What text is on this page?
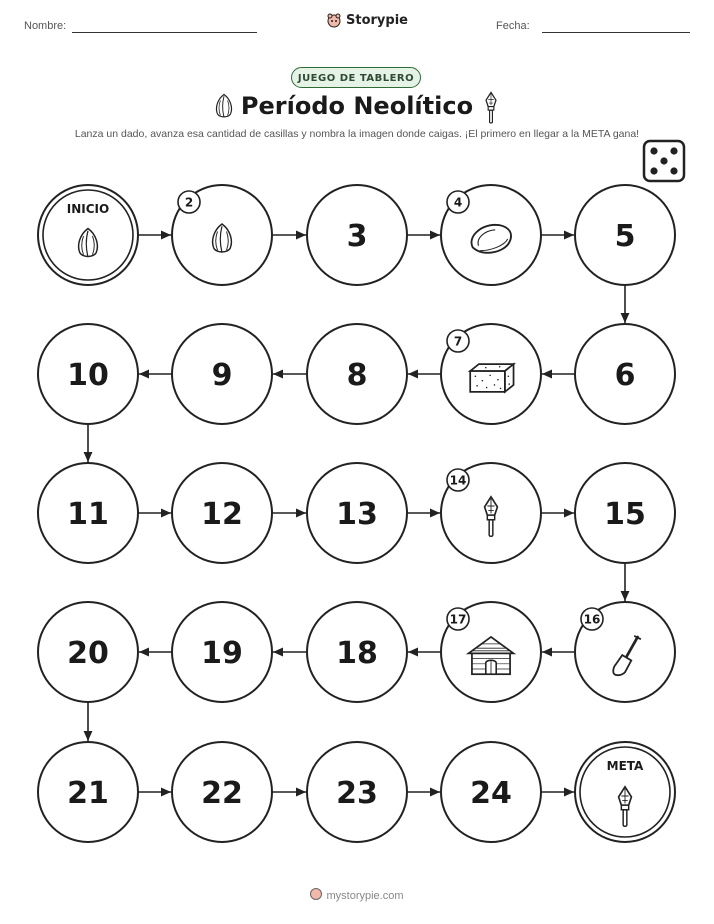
Nombre:	Storypie	Fecha:
JUEGO DE TABLERO
Período Neolítico
Lanza un dado, avanza esa cantidad de casillas y nombra la imagen donde caigas. ¡El primero en llegar a la META gana!
INICIO	2
3
4
5
6
7
8
9
10
11	12	13
14
15
16
17
18
19
20
21	22	23	24
META
mystorypie.com
